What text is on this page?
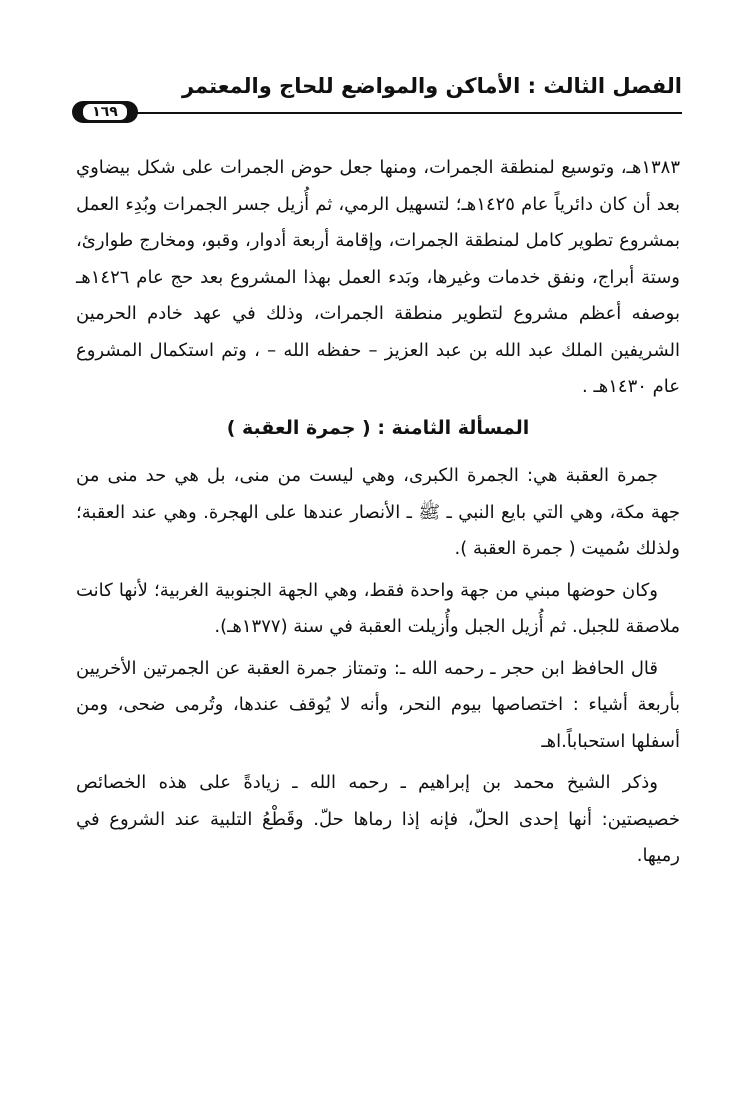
الفصل الثالث : الأماكن والمواضع للحاج والمعتمر
١٦٩

١٣٨٣هـ، وتوسيع لمنطقة الجمرات، ومنها جعل حوض الجمرات على شكل بيضاوي بعد أن كان دائرياً عام ١٤٢٥هـ؛ لتسهيل الرمي، ثم أُزيل جسر الجمرات وبُدِء العمل بمشروع تطوير كامل لمنطقة الجمرات، وإقامة أربعة أدوار، وقبو، ومخارج طوارئ، وستة أبراج، ونفق خدمات وغيرها، وبَدء العمل بهذا المشروع بعد حج عام ١٤٢٦هـ بوصفه أعظم مشروع لتطوير منطقة الجمرات، وذلك في عهد خادم الحرمين الشريفين الملك عبد الله بن عبد العزيز – حفظه الله – ، وتم استكمال المشروع عام ١٤٣٠هـ .

المسألة الثامنة : ( جمرة العقبة )

جمرة العقبة هي: الجمرة الكبرى، وهي ليست من منى، بل هي حد منى من جهة مكة، وهي التي بايع النبي ـ ﷺ ـ الأنصار عندها على الهجرة. وهي عند العقبة؛ ولذلك سُميت ( جمرة العقبة ).

وكان حوضها مبني من جهة واحدة فقط، وهي الجهة الجنوبية الغربية؛ لأنها كانت ملاصقة للجبل. ثم أُزيل الجبل وأُزيلت العقبة في سنة (١٣٧٧هـ).

قال الحافظ ابن حجر ـ رحمه الله ـ: وتمتاز جمرة العقبة عن الجمرتين الأخريين بأربعة أشياء : اختصاصها بيوم النحر، وأنه لا يُوقف عندها، وتُرمى ضحى، ومن أسفلها استحباباً.اهـ

وذكر الشيخ محمد بن إبراهيم ـ رحمه الله ـ زيادةً على هذه الخصائص خصيصتين: أنها إحدى الحلّ، فإنه إذا رماها حلّ. وقَطْعُ التلبية عند الشروع في رميها.
